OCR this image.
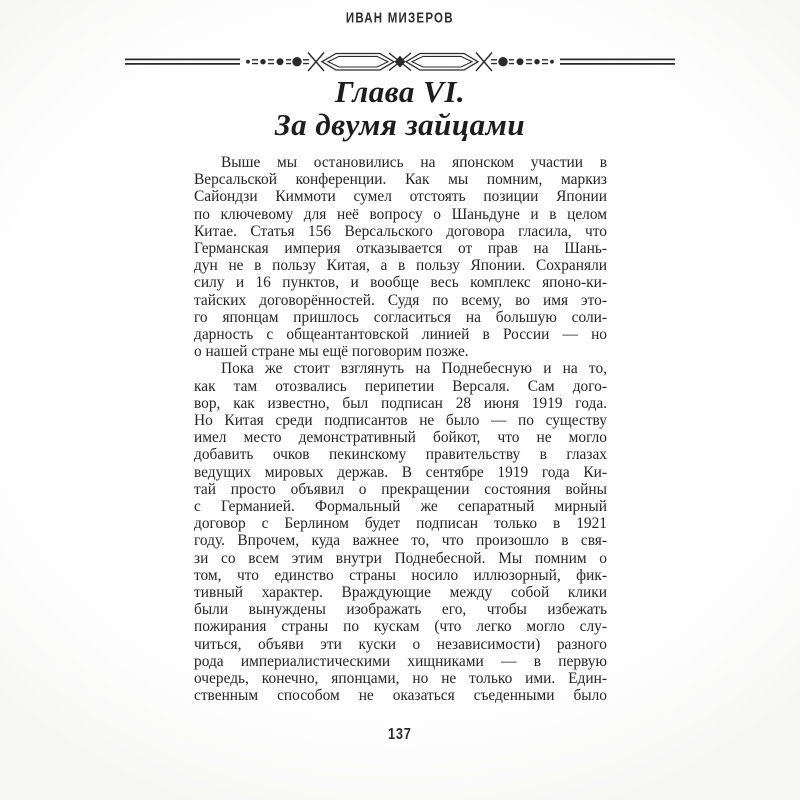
ИВАН МИЗЕРОВ
Глава VI.
За двумя зайцами
Выше мы остановились на японском участии в
Версальской конференции. Как мы помним, маркиз
Сайондзи Киммоти сумел отстоять позиции Японии
по ключевому для неё вопросу о Шаньдуне и в целом
Китае. Статья 156 Версальского договора гласила, что
Германская империя отказывается от прав на Шань-
дун не в пользу Китая, а в пользу Японии. Сохраняли
силу и 16 пунктов, и вообще весь комплекс японо-ки-
тайских договорённостей. Судя по всему, во имя это-
го японцам пришлось согласиться на большую соли-
дарность с общеантантовской линией в России — но
о нашей стране мы ещё поговорим позже.
Пока же стоит взглянуть на Поднебесную и на то,
как там отозвались перипетии Версаля. Сам дого-
вор, как известно, был подписан 28 июня 1919 года.
Но Китая среди подписантов не было — по существу
имел место демонстративный бойкот, что не могло
добавить очков пекинскому правительству в глазах
ведущих мировых держав. В сентябре 1919 года Ки-
тай просто объявил о прекращении состояния войны
с Германией. Формальный же сепаратный мирный
договор с Берлином будет подписан только в 1921
году. Впрочем, куда важнее то, что произошло в свя-
зи со всем этим внутри Поднебесной. Мы помним о
том, что единство страны носило иллюзорный, фик-
тивный характер. Враждующие между собой клики
были вынуждены изображать его, чтобы избежать
пожирания страны по кускам (что легко могло слу-
читься, объяви эти куски о независимости) разного
рода империалистическими хищниками — в первую
очередь, конечно, японцами, но не только ими. Един-
ственным способом не оказаться съеденными было
137
